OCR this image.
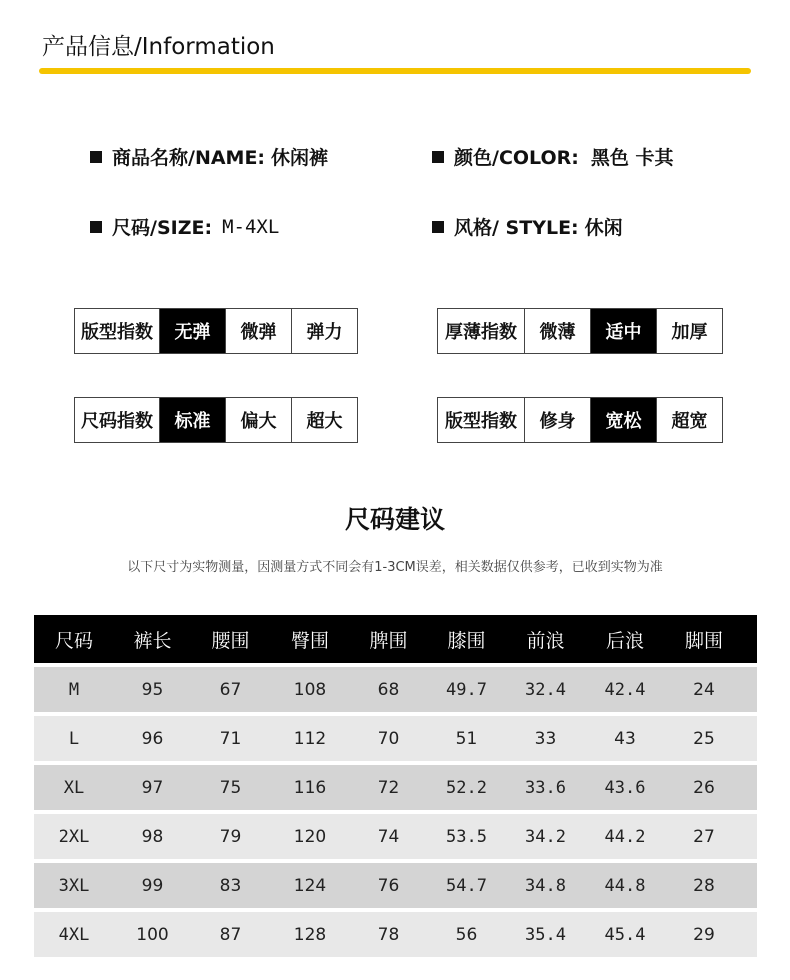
产品信息/Information
商品名称/NAME: 休闲裤	颜色/COLOR: 黑色 卡其
尺码/SIZE: M-4XL	风格/ STYLE: 休闲
版型指数	无弹	微弹	弹力	厚薄指数	微薄	适中	加厚
尺码指数	标准	偏大	超大	版型指数	修身	宽松	超宽
尺码建议
以下尺寸为实物测量，因测量方式不同会有1-3CM误差，相关数据仅供参考，已收到实物为准
尺码	裤长	腰围	臀围	脾围	膝围	前浪	后浪	脚围
M	95	67	108	68	49.7	32.4	42.4	24
L	96	71	112	70	51	33	43	25
XL	97	75	116	72	52.2	33.6	43.6	26
2XL	98	79	120	74	53.5	34.2	44.2	27
3XL	99	83	124	76	54.7	34.8	44.8	28
4XL	100	87	128	78	56	35.4	45.4	29
